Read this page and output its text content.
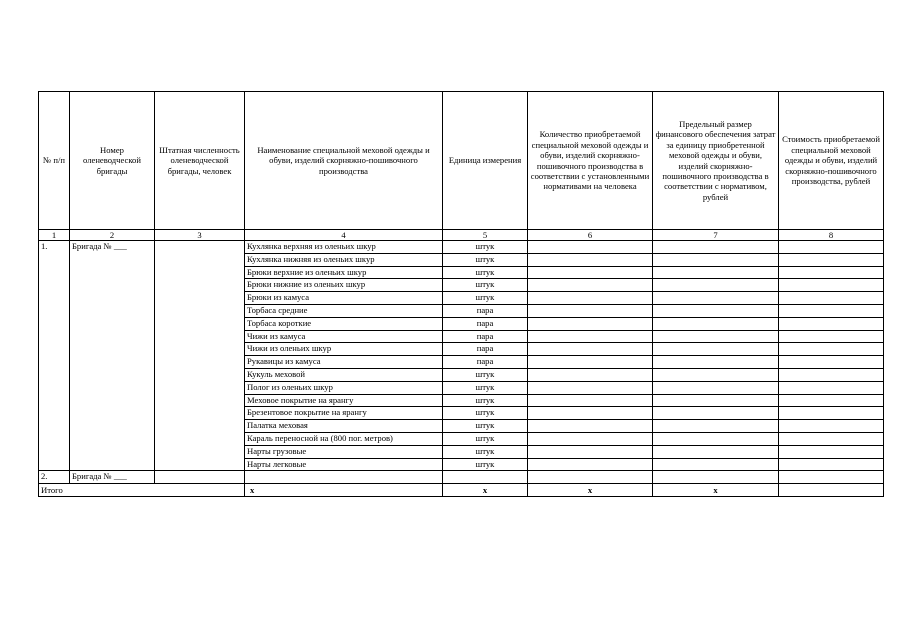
№ п/п	Номер оленеводческой бригады	Штатная численность оленеводческой бригады, человек	Наименование специальной меховой одежды и обуви, изделий скорняжно-пошивочного производства	Единица измерения	Количество приобретаемой специальной меховой одежды и обуви, изделий скорняжно-пошивочного производства в соответствии с установленными нормативами на человека	Предельный размер финансового обеспечения затрат за единицу приобретенной меховой одежды и обуви, изделий скорняжно-пошивочного производства в соответствии с нормативом, рублей	Стоимость приобретаемой специальной меховой одежды и обуви, изделий скорняжно-пошивочного производства, рублей
1	2	3	4	5	6	7	8
1.	Бригада № ___		Кухлянка верхняя из оленьих шкур	штук			
			Кухлянка нижняя из оленьих шкур	штук			
			Брюки верхние из оленьих шкур	штук			
			Брюки нижние из оленьих шкур	штук			
			Брюки из камуса	штук			
			Торбаса средние	пара			
			Торбаса короткие	пара			
			Чижи из камуса	пара			
			Чижи из оленьих шкур	пара			
			Рукавицы из камуса	пара			
			Кукуль меховой	штук			
			Полог из оленьих шкур	штук			
			Меховое покрытие на ярангу	штук			
			Брезентовое покрытие на ярангу	штук			
			Палатка меховая	штук			
			Караль переносной на (800 пог. метров)	штук			
			Нарты грузовые	штук			
			Нарты легковые	штук			
2.	Бригада № ___						
Итого			х	х	х	х	
